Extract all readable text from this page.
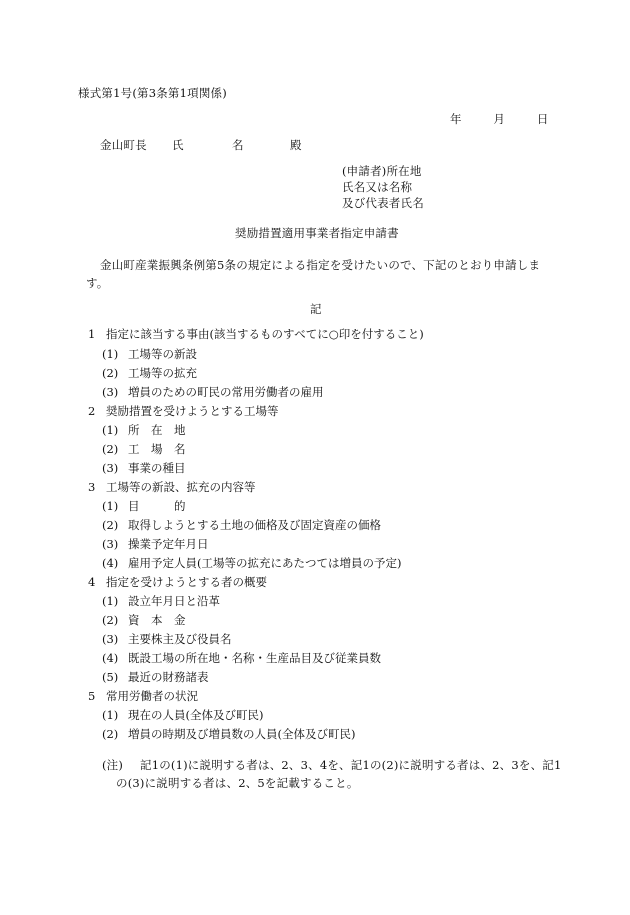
様式第1号(第3条第1項関係)
年	月	日
金山町長 氏	名	殿
(申請者)所在地
氏名又は名称
及び代表者氏名
奨励措置適用事業者指定申請書
金山町産業振興条例第5条の規定による指定を受けたいので、下記のとおり申請しま
す。
記
1 指定に該当する事由(該当するものすべてに○印を付すること)
(1) 工場等の新設
(2) 工場等の拡充
(3) 増員のための町民の常用労働者の雇用
2 奨励措置を受けようとする工場等
(1) 所　在　地
(2) 工　場　名
(3) 事業の種目
3 工場等の新設、拡充の内容等
(1) 目　　　的
(2) 取得しようとする土地の価格及び固定資産の価格
(3) 操業予定年月日
(4) 雇用予定人員(工場等の拡充にあたつては増員の予定)
4 指定を受けようとする者の概要
(1) 設立年月日と沿革
(2) 資　本　金
(3) 主要株主及び役員名
(4) 既設工場の所在地・名称・生産品目及び従業員数
(5) 最近の財務諸表
5 常用労働者の状況
(1) 現在の人員(全体及び町民)
(2) 増員の時期及び増員数の人員(全体及び町民)
(注) 記1の(1)に説明する者は、2、3、4を、記1の(2)に説明する者は、2、3を、記1
の(3)に説明する者は、2、5を記載すること。
